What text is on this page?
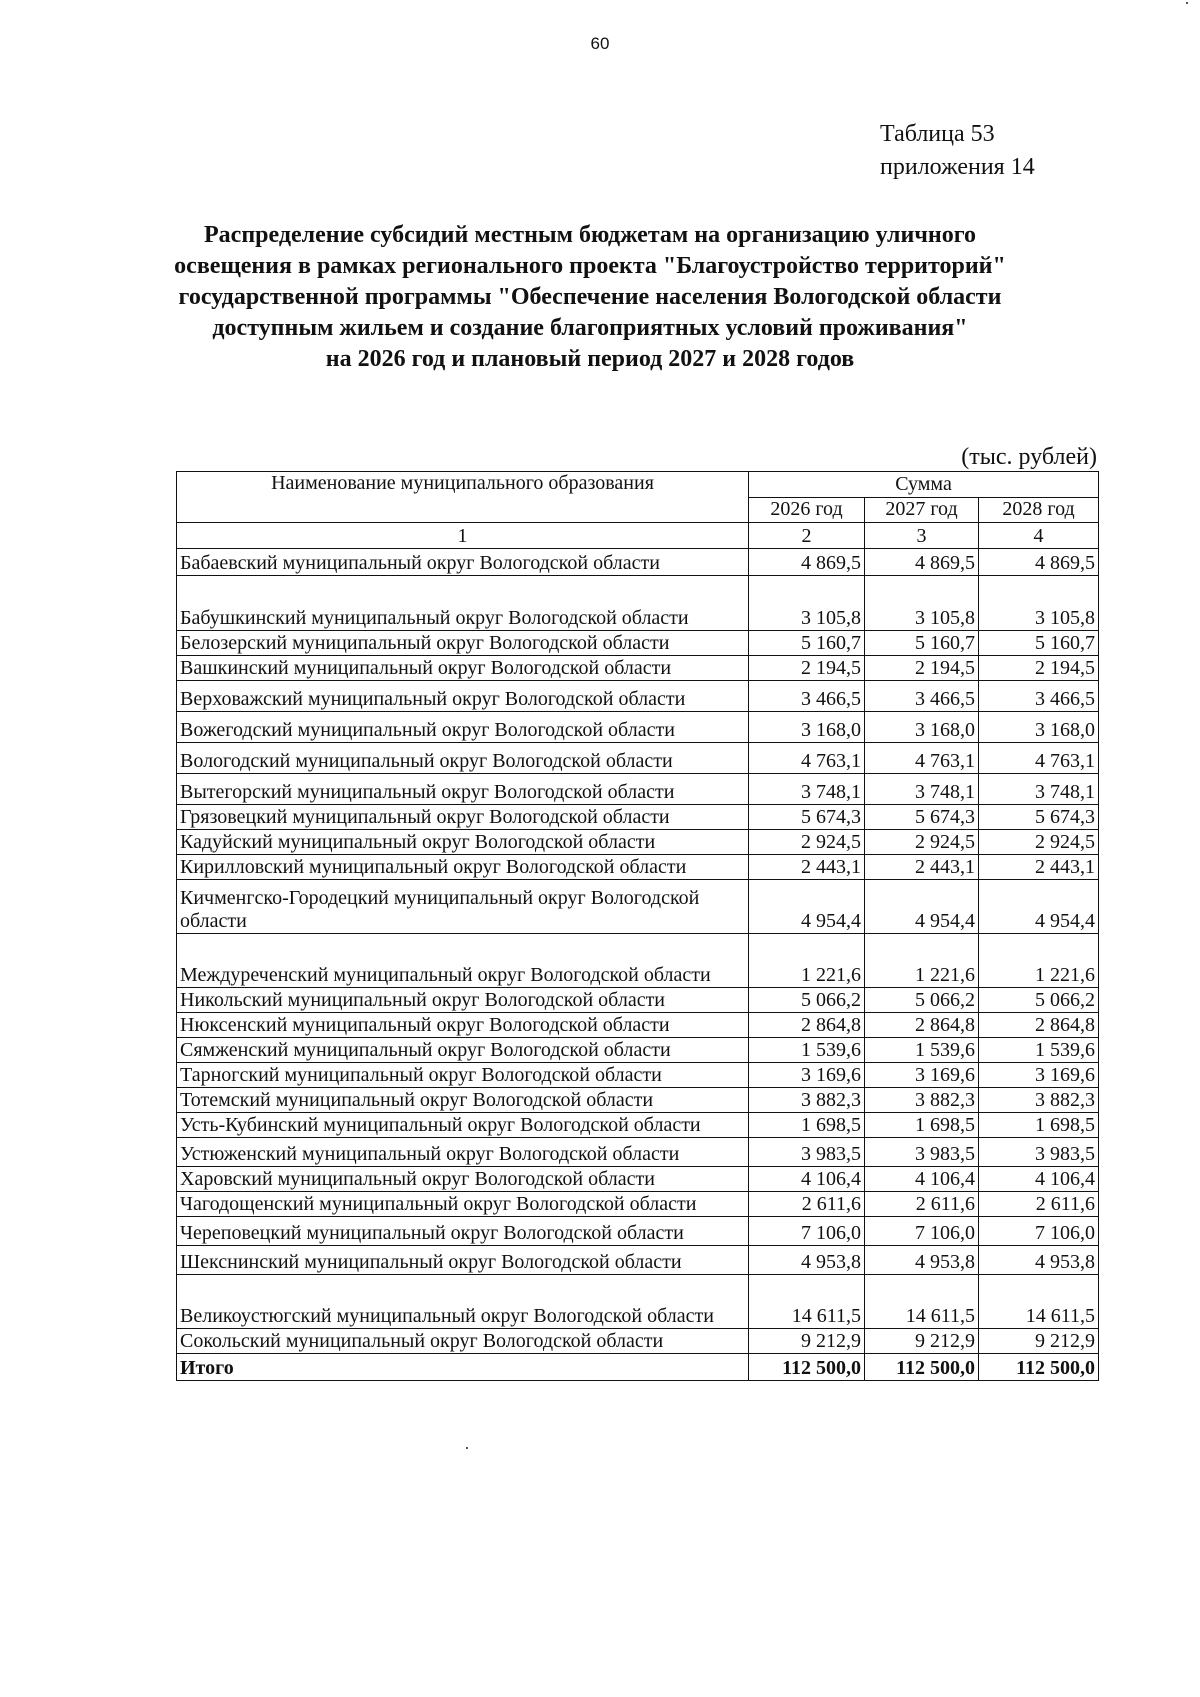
60
Таблица 53
приложения 14
Распределение субсидий местным бюджетам на организацию уличного
освещения в рамках регионального проекта "Благоустройство территорий"
государственной программы "Обеспечение населения Вологодской области
доступным жильем и создание благоприятных условий проживания"
на 2026 год и плановый период 2027 и 2028 годов
(тыс. рублей)
Наименование муниципального образования	Сумма		
	2026 год	2027 год	2028 год
1	2	3	4
Бабаевский муниципальный округ Вологодской области	4 869,5	4 869,5	4 869,5
Бабушкинский муниципальный округ Вологодской области	3 105,8	3 105,8	3 105,8
Белозерский муниципальный округ Вологодской области	5 160,7	5 160,7	5 160,7
Вашкинский муниципальный округ Вологодской области	2 194,5	2 194,5	2 194,5
Верховажский муниципальный округ Вологодской области	3 466,5	3 466,5	3 466,5
Вожегодский муниципальный округ Вологодской области	3 168,0	3 168,0	3 168,0
Вологодский муниципальный округ Вологодской области	4 763,1	4 763,1	4 763,1
Вытегорский муниципальный округ Вологодской области	3 748,1	3 748,1	3 748,1
Грязовецкий муниципальный округ Вологодской области	5 674,3	5 674,3	5 674,3
Кадуйский муниципальный округ Вологодской области	2 924,5	2 924,5	2 924,5
Кирилловский муниципальный округ Вологодской области	2 443,1	2 443,1	2 443,1
Кичменгско-Городецкий муниципальный округ Вологодской области	4 954,4	4 954,4	4 954,4
Междуреченский муниципальный округ Вологодской области	1 221,6	1 221,6	1 221,6
Никольский муниципальный округ Вологодской области	5 066,2	5 066,2	5 066,2
Нюксенский муниципальный округ Вологодской области	2 864,8	2 864,8	2 864,8
Сямженский муниципальный округ Вологодской области	1 539,6	1 539,6	1 539,6
Тарногский муниципальный округ Вологодской области	3 169,6	3 169,6	3 169,6
Тотемский муниципальный округ Вологодской области	3 882,3	3 882,3	3 882,3
Усть-Кубинский муниципальный округ Вологодской области	1 698,5	1 698,5	1 698,5
Устюженский муниципальный округ Вологодской области	3 983,5	3 983,5	3 983,5
Харовский муниципальный округ Вологодской области	4 106,4	4 106,4	4 106,4
Чагодощенский муниципальный округ Вологодской области	2 611,6	2 611,6	2 611,6
Череповецкий муниципальный округ Вологодской области	7 106,0	7 106,0	7 106,0
Шекснинский муниципальный округ Вологодской области	4 953,8	4 953,8	4 953,8
Великоустюгский муниципальный округ Вологодской области	14 611,5	14 611,5	14 611,5
Сокольский муниципальный округ Вологодской области	9 212,9	9 212,9	9 212,9
Итого	112 500,0	112 500,0	112 500,0
